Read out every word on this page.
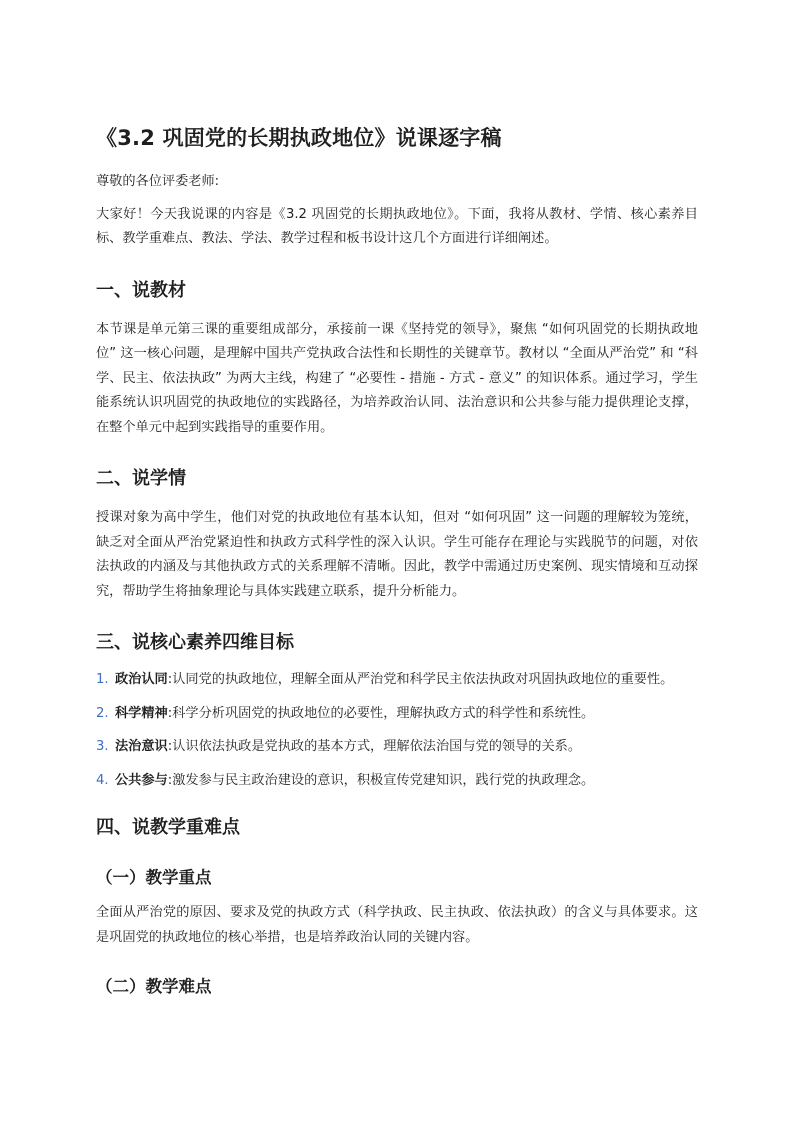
《3.2 巩固党的长期执政地位》说课逐字稿

尊敬的各位评委老师:

大家好！今天我说课的内容是《3.2 巩固党的长期执政地位》。下面，我将从教材、学情、核心素养目标、教学重难点、教法、学法、教学过程和板书设计这几个方面进行详细阐述。

一、说教材

本节课是单元第三课的重要组成部分，承接前一课《坚持党的领导》，聚焦 “如何巩固党的长期执政地位” 这一核心问题，是理解中国共产党执政合法性和长期性的关键章节。教材以 “全面从严治党” 和 “科学、民主、依法执政” 为两大主线，构建了 “必要性 - 措施 - 方式 - 意义” 的知识体系。通过学习，学生能系统认识巩固党的执政地位的实践路径，为培养政治认同、法治意识和公共参与能力提供理论支撑，在整个单元中起到实践指导的重要作用。

二、说学情

授课对象为高中学生，他们对党的执政地位有基本认知，但对 “如何巩固” 这一问题的理解较为笼统，缺乏对全面从严治党紧迫性和执政方式科学性的深入认识。学生可能存在理论与实践脱节的问题，对依法执政的内涵及与其他执政方式的关系理解不清晰。因此，教学中需通过历史案例、现实情境和互动探究，帮助学生将抽象理论与具体实践建立联系，提升分析能力。

三、说核心素养四维目标
1. 政治认同:认同党的执政地位，理解全面从严治党和科学民主依法执政对巩固执政地位的重要性。
2. 科学精神:科学分析巩固党的执政地位的必要性，理解执政方式的科学性和系统性。
3. 法治意识:认识依法执政是党执政的基本方式，理解依法治国与党的领导的关系。
4. 公共参与:激发参与民主政治建设的意识，积极宣传党建知识，践行党的执政理念。
四、说教学重难点
（一）教学重点

全面从严治党的原因、要求及党的执政方式（科学执政、民主执政、依法执政）的含义与具体要求。这是巩固党的执政地位的核心举措，也是培养政治认同的关键内容。

（二）教学难点
